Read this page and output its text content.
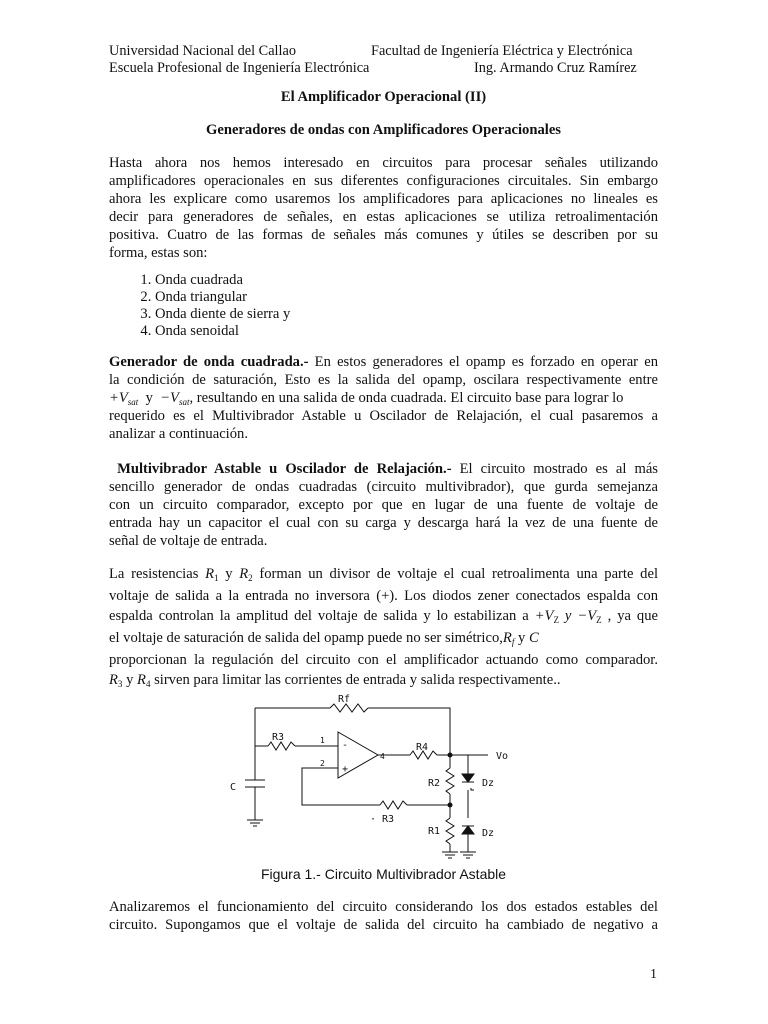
Universidad Nacional del Callao	Facultad de Ingeniería Eléctrica y Electrónica
Escuela Profesional de Ingeniería Electrónica	Ing. Armando Cruz Ramírez
El Amplificador Operacional (II)
Generadores de ondas con Amplificadores Operacionales
Hasta ahora nos hemos interesado en circuitos para procesar señales utilizando
amplificadores operacionales en sus diferentes configuraciones circuitales. Sin embargo
ahora les explicare como usaremos los amplificadores para aplicaciones no lineales es
decir para generadores de señales, en estas aplicaciones se utiliza retroalimentación
positiva. Cuatro de las formas de señales más comunes y útiles se describen por su
forma, estas son:
1. Onda cuadrada
2. Onda triangular
3. Onda diente de sierra y
4. Onda senoidal
Generador de onda cuadrada.- En estos generadores el opamp es forzado en operar en
la condición de saturación, Esto es la salida del opamp, oscilara respectivamente entre
$+V_{sat}$ $y -V_{sat}$, resultando en una salida de onda cuadrada. El circuito base para lograr lo
requerido es el Multivibrador Astable u Oscilador de Relajación, el cual pasaremos a
analizar a continuación.
Multivibrador Astable u Oscilador de Relajación.- El circuito mostrado es al más
sencillo generador de ondas cuadradas (circuito multivibrador), que gurda semejanza
con un circuito comparador, excepto por que en lugar de una fuente de voltaje de
entrada hay un capacitor el cual con su carga y descarga hará la vez de una fuente de
señal de voltaje de entrada.
La resistencias $R_1$ y $R_2$ forman un divisor de voltaje el cual retroalimenta una parte del
voltaje de salida a la entrada no inversora (+). Los diodos zener conectados espalda con
espalda controlan la amplitud del voltaje de salida y lo estabilizan $a +V_Z$ $y -V_Z$ , ya que
el voltaje de saturación de salida del opamp puede no ser $simétrico,R_f$ y C
proporcionan la regulación del circuito con el amplificador actuando como comparador.
$R_3$ y $R_4$ sirven para limitar las corrientes de entrada y salida respectivamente..
Rf
R3
· R3
R4
R2
R1
C
Vo
Dz
Dz
1
2
4
-
+
Figura 1.- Circuito Multivibrador Astable
Analizaremos el funcionamiento del circuito considerando los dos estados estables del
circuito. Supongamos que el voltaje de salida del circuito ha cambiado de negativo a
1
